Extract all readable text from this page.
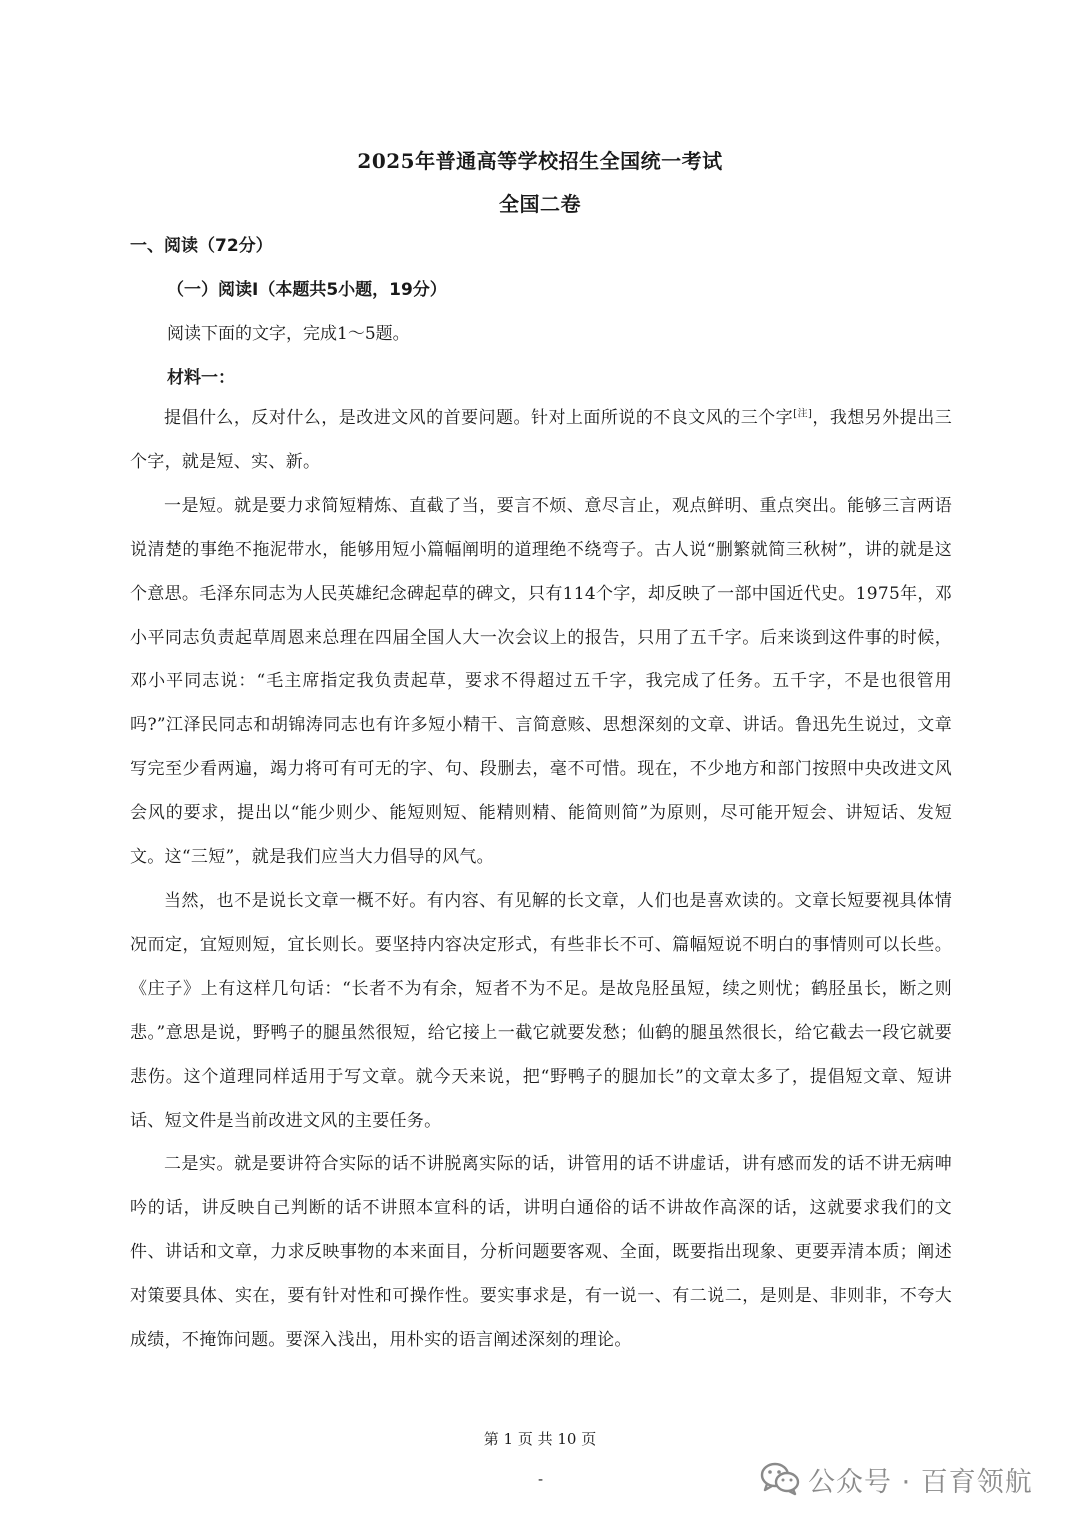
2025年普通高等学校招生全国统一考试
全国二卷
一、阅读（72分）
（一）阅读Ⅰ（本题共5小题，19分）
阅读下面的文字，完成1～5题。
材料一：

提倡什么，反对什么，是改进文风的首要问题。针对上面所说的不良文风的三个字[注]，我想另外提出三个字，就是短、实、新。

一是短。就是要力求简短精炼、直截了当，要言不烦、意尽言止，观点鲜明、重点突出。能够三言两语说清楚的事绝不拖泥带水，能够用短小篇幅阐明的道理绝不绕弯子。古人说“删繁就简三秋树”，讲的就是这个意思。毛泽东同志为人民英雄纪念碑起草的碑文，只有114个字，却反映了一部中国近代史。1975年，邓小平同志负责起草周恩来总理在四届全国人大一次会议上的报告，只用了五千字。后来谈到这件事的时候，邓小平同志说：“毛主席指定我负责起草，要求不得超过五千字，我完成了任务。五千字，不是也很管用吗?”江泽民同志和胡锦涛同志也有许多短小精干、言简意赅、思想深刻的文章、讲话。鲁迅先生说过，文章写完至少看两遍，竭力将可有可无的字、句、段删去，毫不可惜。现在，不少地方和部门按照中央改进文风会风的要求，提出以“能少则少、能短则短、能精则精、能简则简”为原则，尽可能开短会、讲短话、发短文。这“三短”，就是我们应当大力倡导的风气。

当然，也不是说长文章一概不好。有内容、有见解的长文章，人们也是喜欢读的。文章长短要视具体情况而定，宜短则短，宜长则长。要坚持内容决定形式，有些非长不可、篇幅短说不明白的事情则可以长些。《庄子》上有这样几句话：“长者不为有余，短者不为不足。是故凫胫虽短，续之则忧；鹤胫虽长，断之则悲。”意思是说，野鸭子的腿虽然很短，给它接上一截它就要发愁；仙鹤的腿虽然很长，给它截去一段它就要悲伤。这个道理同样适用于写文章。就今天来说，把“野鸭子的腿加长”的文章太多了，提倡短文章、短讲话、短文件是当前改进文风的主要任务。

二是实。就是要讲符合实际的话不讲脱离实际的话，讲管用的话不讲虚话，讲有感而发的话不讲无病呻吟的话，讲反映自己判断的话不讲照本宣科的话，讲明白通俗的话不讲故作高深的话，这就要求我们的文件、讲话和文章，力求反映事物的本来面目，分析问题要客观、全面，既要指出现象、更要弄清本质；阐述对策要具体、实在，要有针对性和可操作性。要实事求是，有一说一、有二说二，是则是、非则非，不夸大成绩，不掩饰问题。要深入浅出，用朴实的语言阐述深刻的理论。

第 1 页 共 10 页
-	公众号 · 百育领航
